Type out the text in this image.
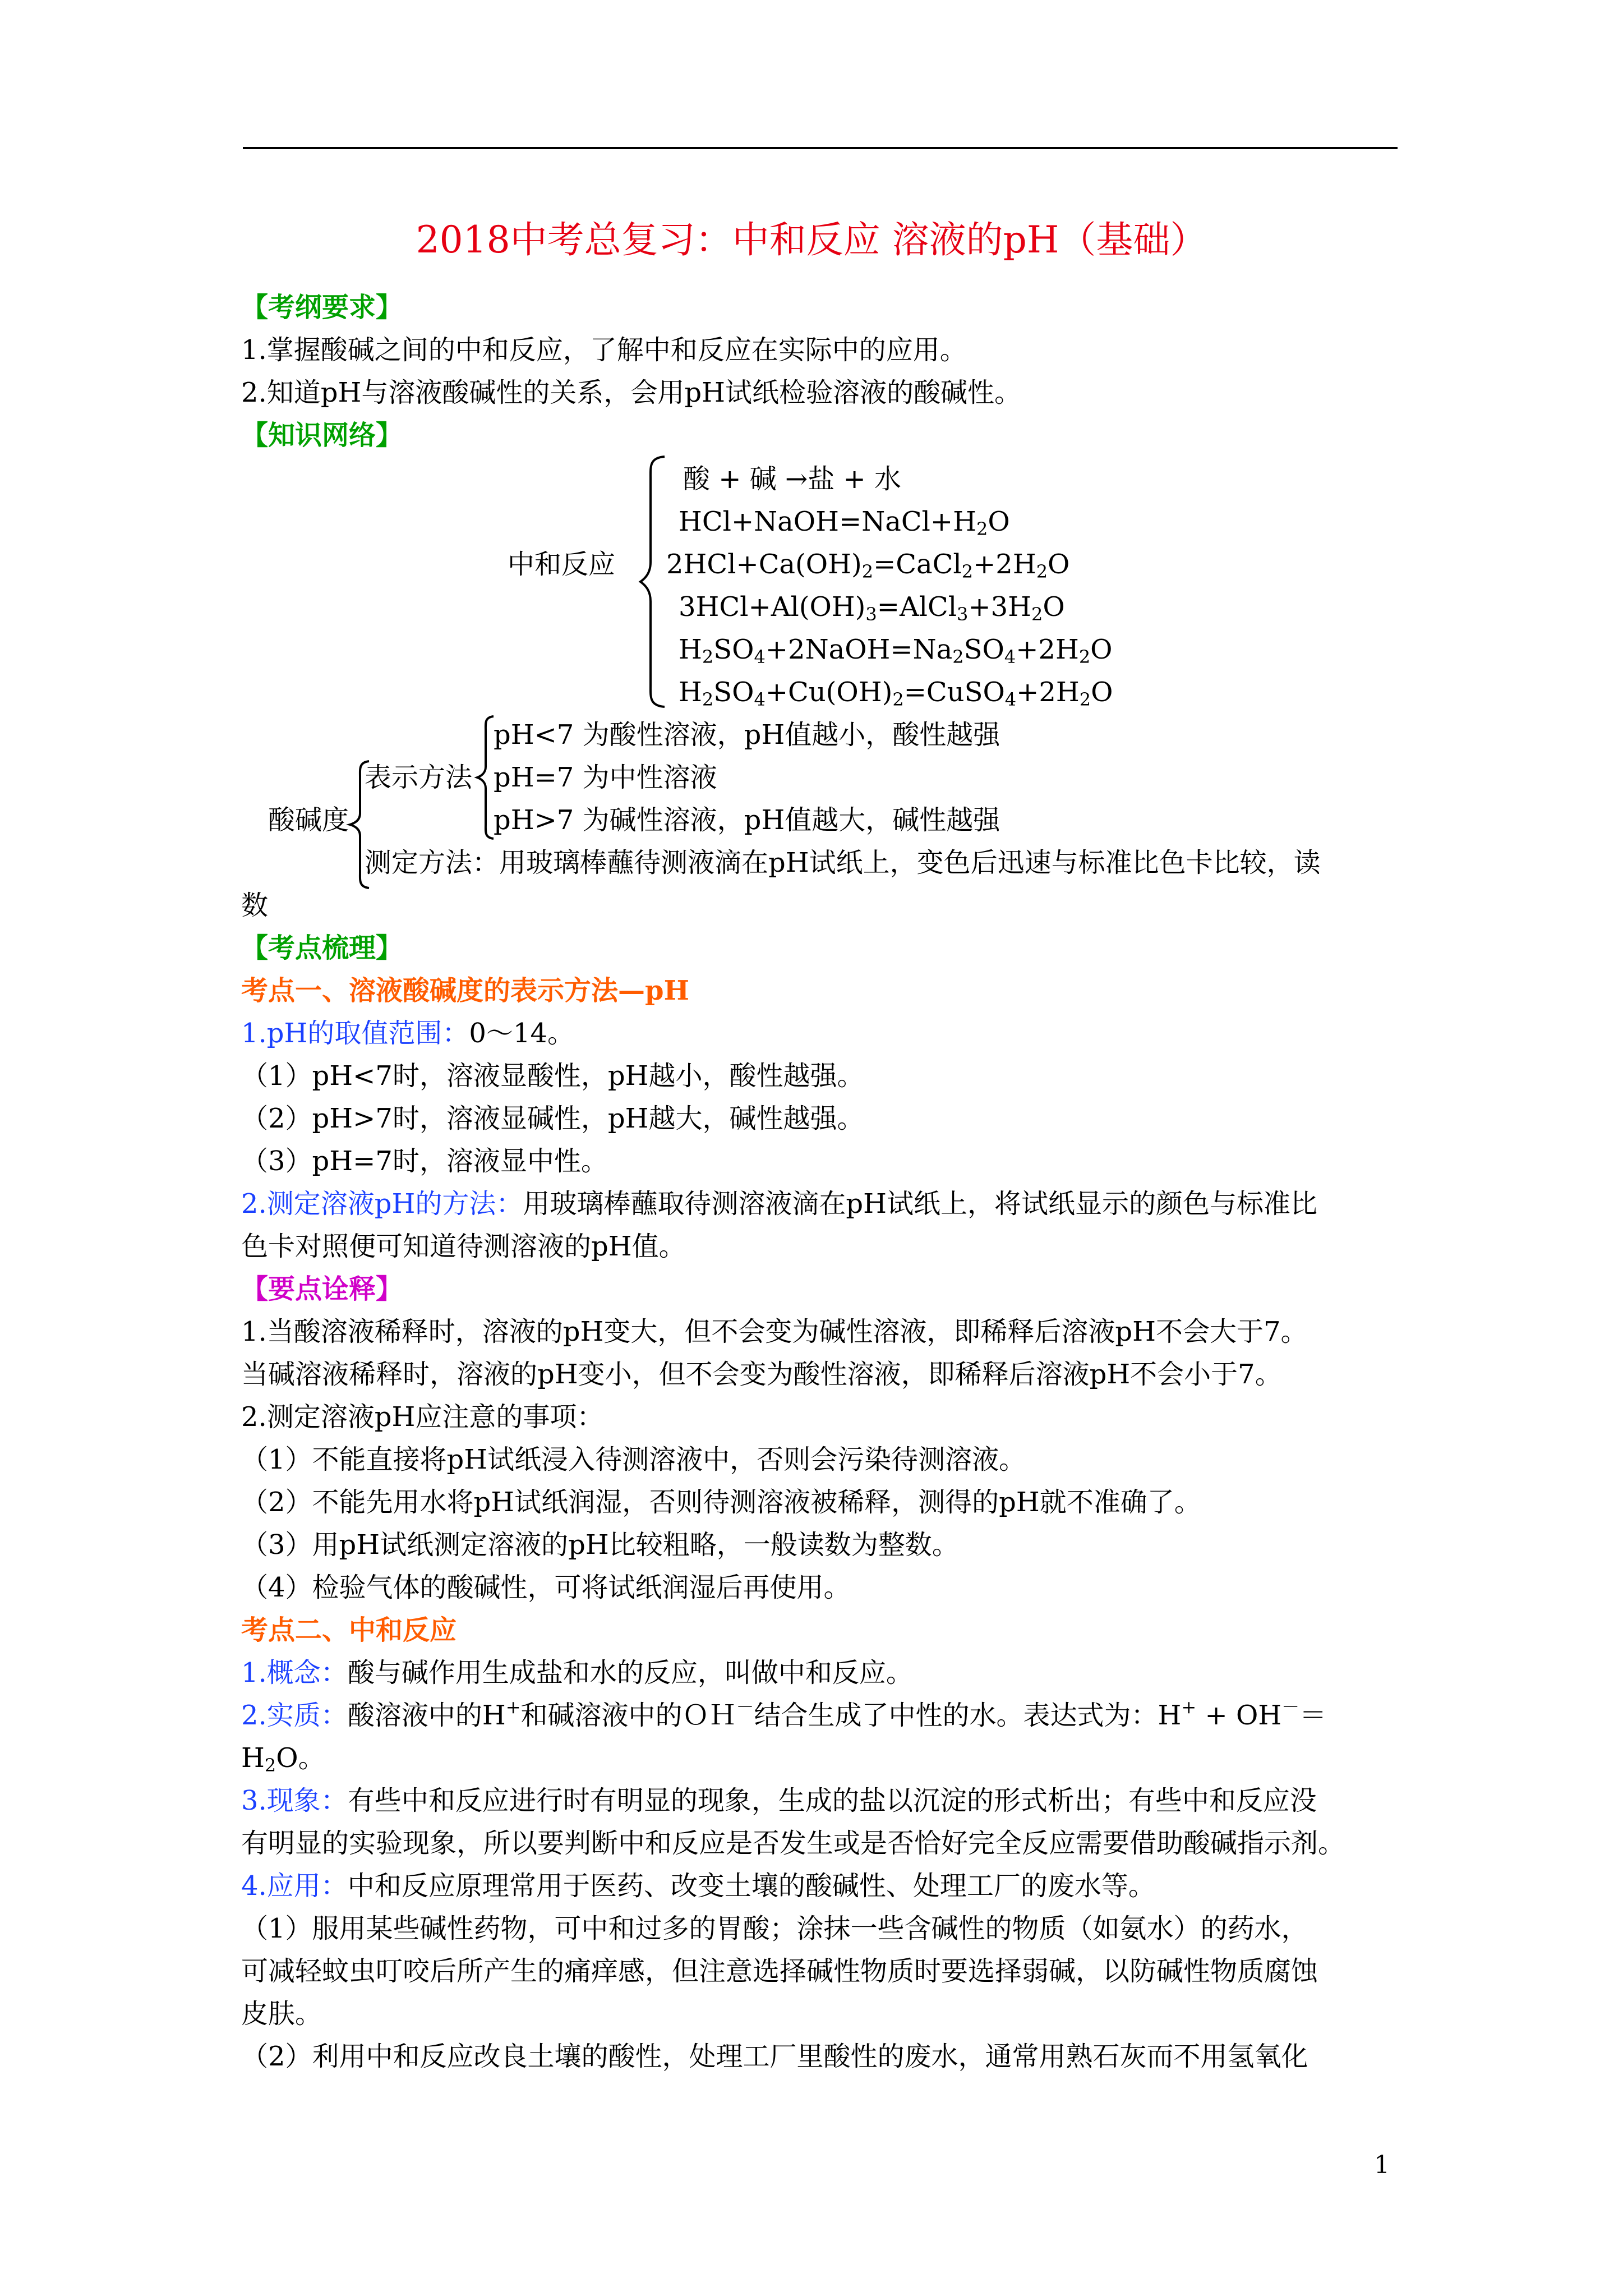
2018中考总复习：中和反应 溶液的pH（基础）
【考纲要求】
1.掌握酸碱之间的中和反应，了解中和反应在实际中的应用。
2.知道pH与溶液酸碱性的关系，会用pH试纸检验溶液的酸碱性。
【知识网络】
中和反应
酸 + 碱 →盐 + 水
$HCl+NaOH=NaCl+H_2O$
$2HCl+Ca(OH)_2=CaCl_2+2H_2O$
$3HCl+Al(OH)_3=AlCl_3+3H_2O$
$H_2SO_4+2NaOH=Na_2SO_4+2H_2O$
$H_2SO_4+Cu(OH)_2=CuSO_4+2H_2O$
酸碱度
表示方法
pH<7 为酸性溶液，pH值越小，酸性越强
pH=7 为中性溶液
pH>7 为碱性溶液，pH值越大，碱性越强
测定方法：用玻璃棒蘸待测液滴在pH试纸上，变色后迅速与标准比色卡比较，读
数
【考点梳理】
考点一、溶液酸碱度的表示方法—pH
1.pH的取值范围：0～14。
（1）pH<7时，溶液显酸性，pH越小，酸性越强。
（2）pH>7时，溶液显碱性，pH越大，碱性越强。
（3）pH=7时，溶液显中性。
2.测定溶液pH的方法：用玻璃棒蘸取待测溶液滴在pH试纸上，将试纸显示的颜色与标准比
色卡对照便可知道待测溶液的pH值。
【要点诠释】
1.当酸溶液稀释时，溶液的pH变大，但不会变为碱性溶液，即稀释后溶液pH不会大于7。
当碱溶液稀释时，溶液的pH变小，但不会变为酸性溶液，即稀释后溶液pH不会小于7。
2.测定溶液pH应注意的事项：
（1）不能直接将pH试纸浸入待测溶液中，否则会污染待测溶液。
（2）不能先用水将pH试纸润湿，否则待测溶液被稀释，测得的pH就不准确了。
（3）用pH试纸测定溶液的pH比较粗略，一般读数为整数。
（4）检验气体的酸碱性，可将试纸润湿后再使用。
考点二、中和反应
1.概念：酸与碱作用生成盐和水的反应，叫做中和反应。
2.实质：酸溶液中的H+和碱溶液中的ＯＨ－结合生成了中性的水。表达式为：H+ + OH－＝
$H_2O$。
3.现象：有些中和反应进行时有明显的现象，生成的盐以沉淀的形式析出；有些中和反应没
有明显的实验现象，所以要判断中和反应是否发生或是否恰好完全反应需要借助酸碱指示剂。
4.应用：中和反应原理常用于医药、改变土壤的酸碱性、处理工厂的废水等。
（1）服用某些碱性药物，可中和过多的胃酸；涂抹一些含碱性的物质（如氨水）的药水，
可减轻蚊虫叮咬后所产生的痛痒感，但注意选择碱性物质时要选择弱碱，以防碱性物质腐蚀
皮肤。
（2）利用中和反应改良土壤的酸性，处理工厂里酸性的废水，通常用熟石灰而不用氢氧化
1
